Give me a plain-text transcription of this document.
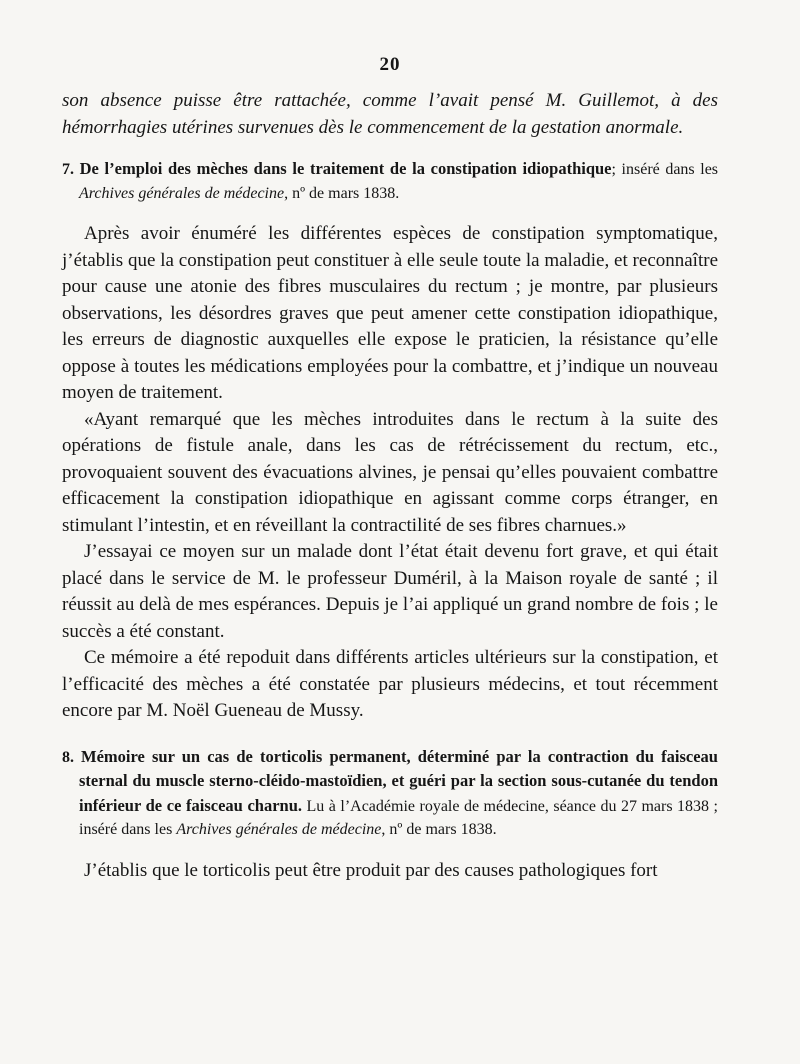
20

son absence puisse être rattachée, comme l’avait pensé M. Guillemot, à des hémorrhagies utérines survenues dès le commencement de la gestation anormale.

7. De l’emploi des mèches dans le traitement de la constipation idiopathique; inséré dans les Archives générales de médecine, nº de mars 1838.

Après avoir énuméré les différentes espèces de constipation symptomatique, j’établis que la constipation peut constituer à elle seule toute la maladie, et reconnaître pour cause une atonie des fibres musculaires du rectum ; je montre, par plusieurs observations, les désordres graves que peut amener cette constipation idiopathique, les erreurs de diagnostic auxquelles elle expose le praticien, la résistance qu’elle oppose à toutes les médications employées pour la combattre, et j’indique un nouveau moyen de traitement.

«Ayant remarqué que les mèches introduites dans le rectum à la suite des opérations de fistule anale, dans les cas de rétrécissement du rectum, etc., provoquaient souvent des évacuations alvines, je pensai qu’elles pouvaient combattre efficacement la constipation idiopathique en agissant comme corps étranger, en stimulant l’intestin, et en réveillant la contractilité de ses fibres charnues.»

J’essayai ce moyen sur un malade dont l’état était devenu fort grave, et qui était placé dans le service de M. le professeur Duméril, à la Maison royale de santé ; il réussit au delà de mes espérances. Depuis je l’ai appliqué un grand nombre de fois ; le succès a été constant.

Ce mémoire a été repoduit dans différents articles ultérieurs sur la constipation, et l’efficacité des mèches a été constatée par plusieurs médecins, et tout récemment encore par M. Noël Gueneau de Mussy.

8. Mémoire sur un cas de torticolis permanent, déterminé par la contraction du faisceau sternal du muscle sterno-cléido-mastoïdien, et guéri par la section sous-cutanée du tendon inférieur de ce faisceau charnu. Lu à l’Académie royale de médecine, séance du 27 mars 1838 ; inséré dans les Archives générales de médecine, nº de mars 1838.

J’établis que le torticolis peut être produit par des causes pathologiques fort
